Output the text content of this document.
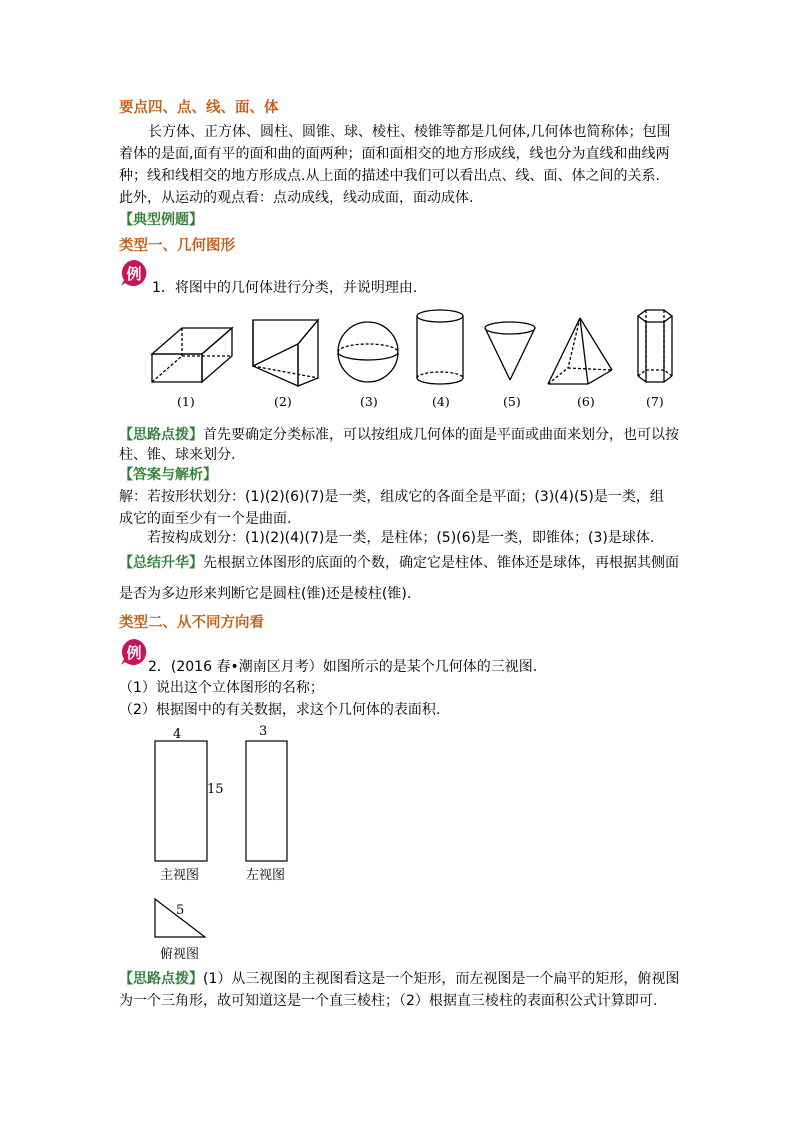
要点四、点、线、面、体
长方体、正方体、圆柱、圆锥、球、棱柱、棱锥等都是几何体,几何体也简称体；包围
着体的是面,面有平的面和曲的面两种；面和面相交的地方形成线，线也分为直线和曲线两
种；线和线相交的地方形成点.从上面的描述中我们可以看出点、线、面、体之间的关系.
此外，从运动的观点看：点动成线，线动成面，面动成体.
【典型例题】
类型一、几何图形
例
1．将图中的几何体进行分类，并说明理由.
(1)	(2)	(3)	(4)	(5)	(6)	(7)
【思路点拨】首先要确定分类标准，可以按组成几何体的面是平面或曲面来划分，也可以按
柱、锥、球来划分.
【答案与解析】
解：若按形状划分：(1)(2)(6)(7)是一类，组成它的各面全是平面；(3)(4)(5)是一类，组
成它的面至少有一个是曲面.
若按构成划分：(1)(2)(4)(7)是一类，是柱体；(5)(6)是一类，即锥体；(3)是球体.
【总结升华】先根据立体图形的底面的个数，确定它是柱体、锥体还是球体，再根据其侧面
是否为多边形来判断它是圆柱(锥)还是棱柱(锥).
类型二、从不同方向看
例
2．(2016 春•潮南区月考）如图所示的是某个几何体的三视图.
（1）说出这个立体图形的名称；
（2）根据图中的有关数据，求这个几何体的表面积.
4
15
3
5
主视图	左视图
俯视图
【思路点拨】(1）从三视图的主视图看这是一个矩形，而左视图是一个扁平的矩形，俯视图
为一个三角形，故可知道这是一个直三棱柱；（2）根据直三棱柱的表面积公式计算即可.
